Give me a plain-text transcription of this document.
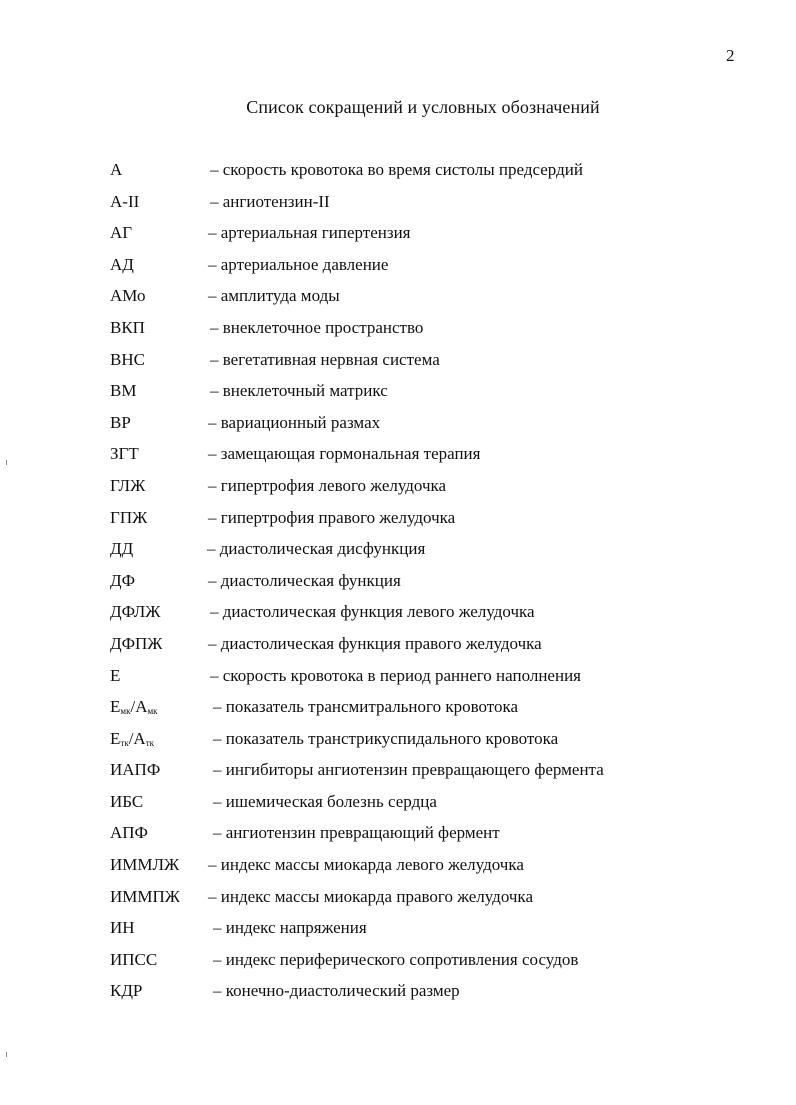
2
Список сокращений и условных обозначений
А	– скорость кровотока во время систолы предсердий
А-II	– ангиотензин-II
АГ	– артериальная гипертензия
АД	– артериальное давление
АМо	– амплитуда моды
ВКП	– внеклеточное пространство
ВНС	– вегетативная нервная система
ВМ	– внеклеточный матрикс
ВР	– вариационный размах
ЗГТ	– замещающая гормональная терапия
ГЛЖ	– гипертрофия левого желудочка
ГПЖ	– гипертрофия правого желудочка
ДД	– диастолическая дисфункция
ДФ	– диастолическая функция
ДФЛЖ	– диастолическая функция левого желудочка
ДФПЖ	– диастолическая функция правого желудочка
Е	– скорость кровотока в период раннего наполнения
$Е_{мк}/А_{мк}$	– показатель трансмитрального кровотока
$Е_{тк}/А_{тк}$	– показатель транстрикуспидального кровотока
ИАПФ	– ингибиторы ангиотензин превращающего фермента
ИБС	– ишемическая болезнь сердца
АПФ	– ангиотензин превращающий фермент
ИММЛЖ – индекс массы миокарда левого желудочка
ИММПЖ – индекс массы миокарда правого желудочка
ИН	– индекс напряжения
ИПСС	– индекс периферического сопротивления сосудов
КДР	– конечно-диастолический размер
